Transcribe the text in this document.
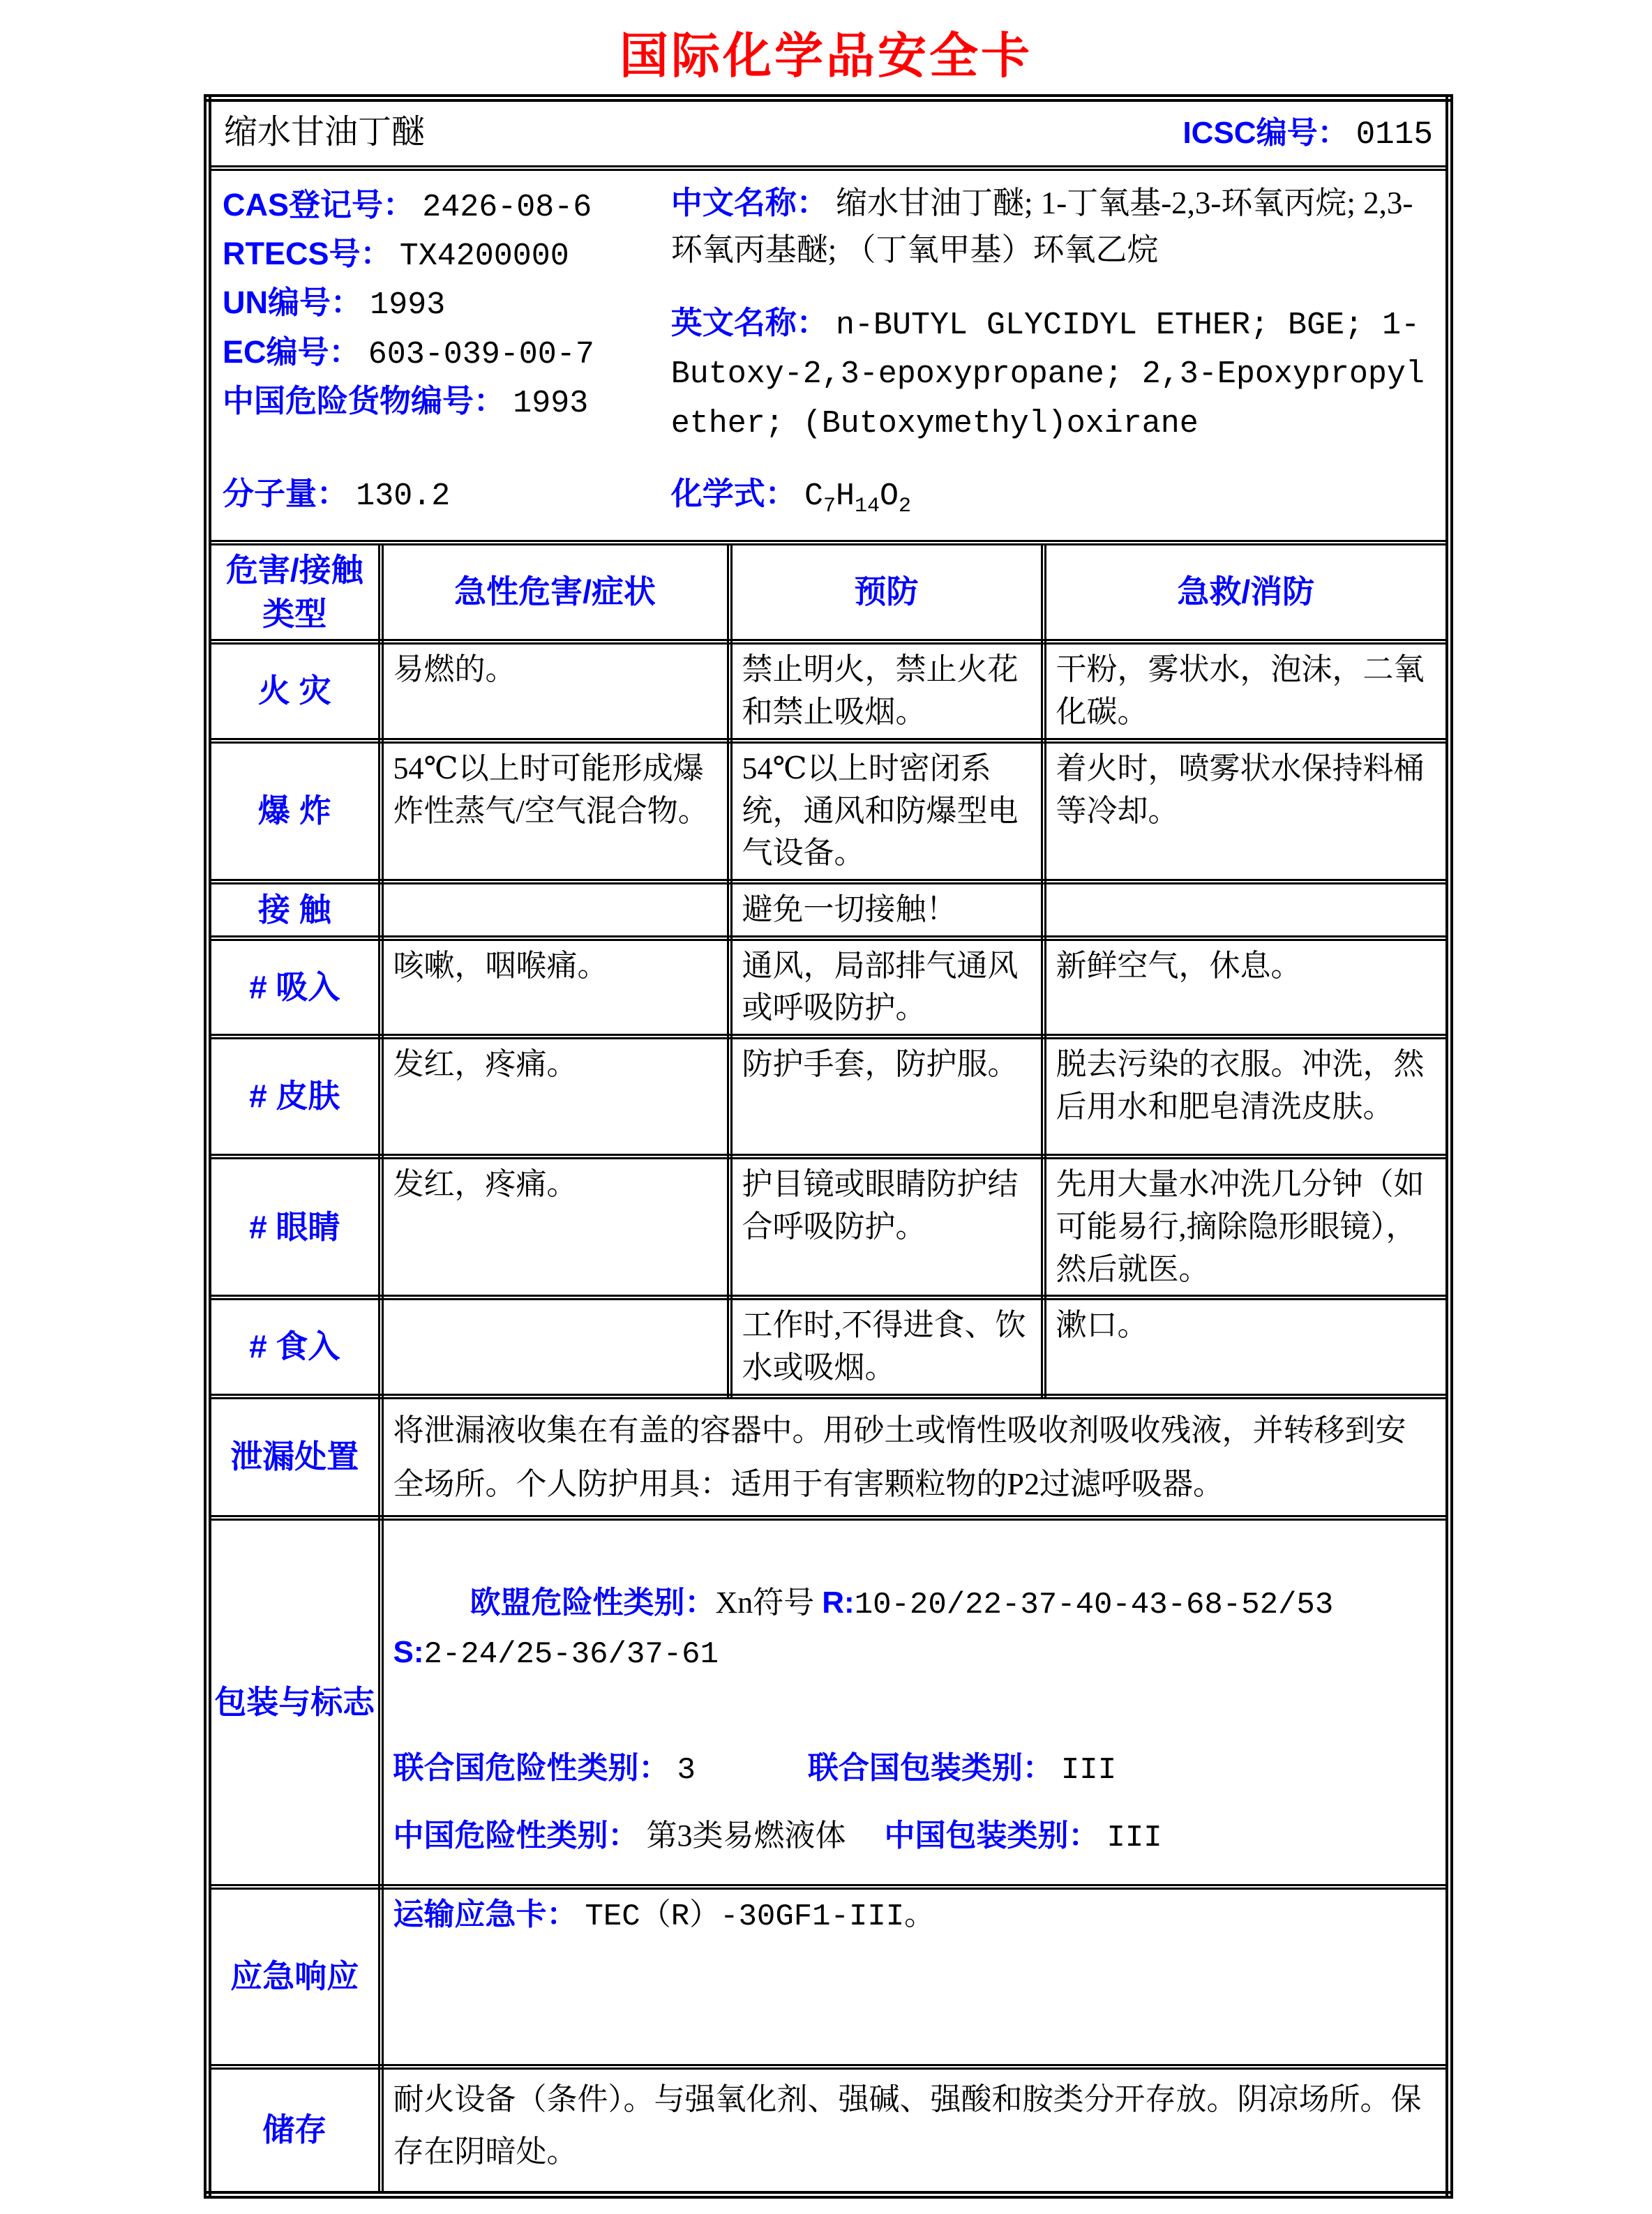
国际化学品安全卡
缩水甘油丁醚 ICSC编号： 0115			

CAS登记号： 2426-08-6
RTECS号： TX4200000
UN编号： 1993
EC编号： 603-039-00-7
中国危险货物编号： 1993

中文名称： 缩水甘油丁醚; 1-丁氧基-2,3-环氧丙烷; 2,3-环氧丙基醚; （丁氧甲基）环氧乙烷

英文名称： n-BUTYL GLYCIDYL ETHER; BGE; 1-Butoxy-2,3-epoxypropane; 2,3-Epoxypropyl ether; (Butoxymethyl)oxirane

分子量： 130.2	化学式： $C_7H_{14}O_2$

危害/接触
类型	急性危害/症状	预防	急救/消防
火 灾	易燃的。	禁止明火，禁止火花和禁止吸烟。	干粉，雾状水，泡沫，二氧化碳。
爆 炸	54℃以上时可能形成爆炸性蒸气/空气混合物。	54℃以上时密闭系统，通风和防爆型电气设备。	着火时，喷雾状水保持料桶等冷却。
接 触		避免一切接触！	
# 吸入	咳嗽，咽喉痛。	通风，局部排气通风或呼吸防护。	新鲜空气，休息。
# 皮肤	发红，疼痛。	防护手套，防护服。	脱去污染的衣服。冲洗，然后用水和肥皂清洗皮肤。
# 眼睛	发红，疼痛。	护目镜或眼睛防护结合呼吸防护。	先用大量水冲洗几分钟（如可能易行,摘除隐形眼镜），然后就医。
# 食入		工作时,不得进食、饮水或吸烟。	漱口。
泄漏处置	将泄漏液收集在有盖的容器中。用砂土或惰性吸收剂吸收残液，并转移到安全场所。个人防护用具：适用于有害颗粒物的P2过滤呼吸器。		

包装与标志	欧盟危险性类别：Xn符号 R:10-20/22-37-40-43-68-52/53   S:2-24/25-36/37-61

联合国危险性类别： 3 联合国包装类别： III
中国危险性类别： 第3类易燃液体 中国包装类别： III		

应急响应	运输应急卡： TEC（R）-30GF1-III。		

储存	耐火设备（条件）。与强氧化剂、强碱、强酸和胺类分开存放。阴凉场所。保存在阴暗处。		
